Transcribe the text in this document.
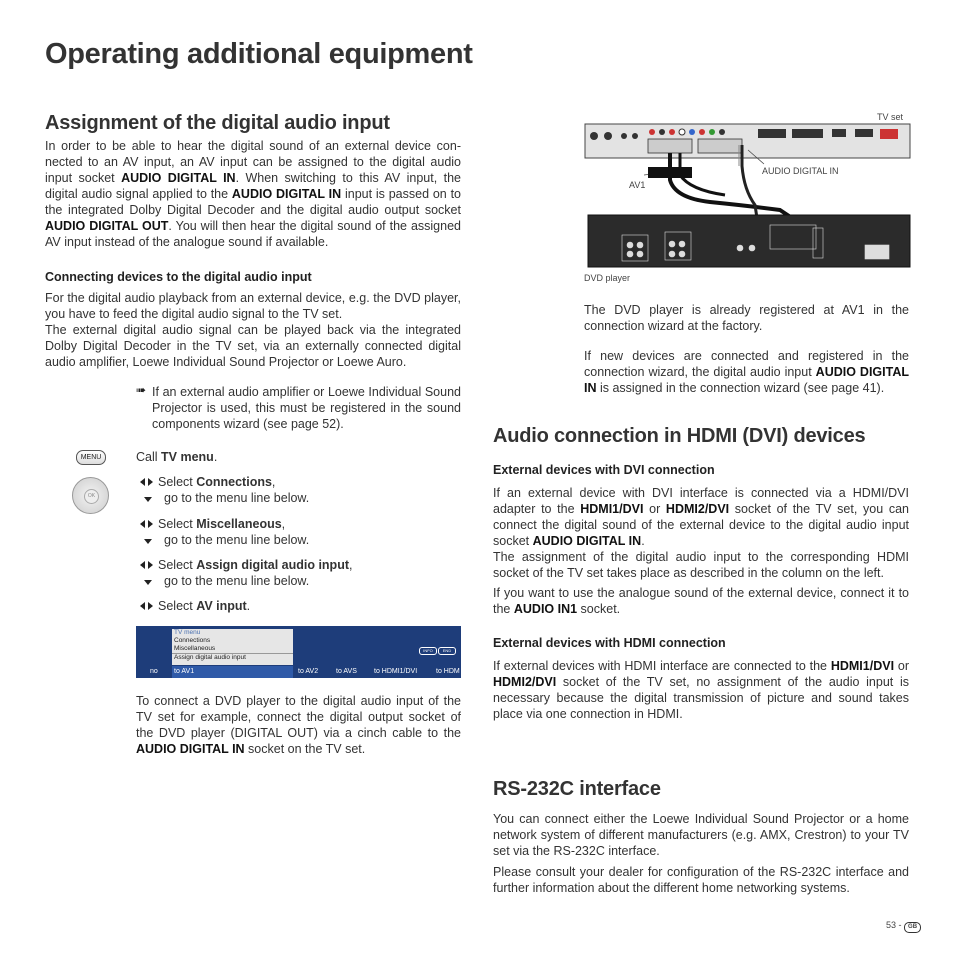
Operating additional equipment
Assignment of the digital audio input

In order to be able to hear the digital sound of an external device con-nected to an AV input, an AV input can be assigned to the digital audio input socket AUDIO DIGITAL IN. When switching to this AV input, the digital audio signal applied to the AUDIO DIGITAL IN input is passed on to the integrated Dolby Digital Decoder and the digital audio output socket AUDIO DIGITAL OUT. You will then hear the digital sound of the assigned AV input instead of the analogue sound if available.

Connecting devices to the digital audio input

For the digital audio playback from an external device, e.g. the DVD player, you have to feed the digital audio signal to the TV set.

The external digital audio signal can be played back via the integrated Dolby Digital Decoder in the TV set, via an externally connected digital audio amplifier, Loewe Individual Sound Projector or Loewe Auro.

➠ If an external audio amplifier or Loewe Individual Sound Projector is used, this must be registered in the sound components wizard (see page 52).

MENU
OK
Call TV menu.
Select Connections,
go to the menu line below.
Select Miscellaneous,
go to the menu line below.
Select Assign digital audio input,
go to the menu line below.
Select AV input.
TV menu
Connections
Miscellaneous
Assign digital audio input
INFO	END
no to AV1	to AV2	to AVS to HDMI1/DVI	to HDM

To connect a DVD player to the digital audio input of the TV set for example, connect the digital output socket of the DVD player (DIGITAL OUT) via a cinch cable to the AUDIO DIGITAL IN socket on the TV set.

TV set
AV1
AUDIO DIGITAL IN
DVD player

The DVD player is already registered at AV1 in the connection wizard at the factory.

If new devices are connected and registered in the connection wizard, the digital audio input AUDIO DIGITAL IN is assigned in the connection wizard (see page 41).

Audio connection in HDMI (DVI) devices
External devices with DVI connection

If an external device with DVI interface is connected via a HDMI/DVI adapter to the HDMI1/DVI or HDMI2/DVI socket of the TV set, you can connect the digital sound of the external device to the digital audio input socket AUDIO DIGITAL IN.

The assignment of the digital audio input to the corresponding HDMI socket of the TV set takes place as described in the column on the left.

If you want to use the analogue sound of the external device, connect it to the AUDIO IN1 socket.

External devices with HDMI connection

If external devices with HDMI interface are connected to the HDMI1/DVI or HDMI2/DVI socket of the TV set, no assignment of the audio input is necessary because the digital transmission of picture and sound takes place via one connection in HDMI.

RS-232C interface

You can connect either the Loewe Individual Sound Projector or a home network system of different manufacturers (e.g. AMX, Crestron) to your TV set via the RS-232C interface.

Please consult your dealer for configuration of the RS-232C interface and further information about the different home networking systems.

53 - GB
